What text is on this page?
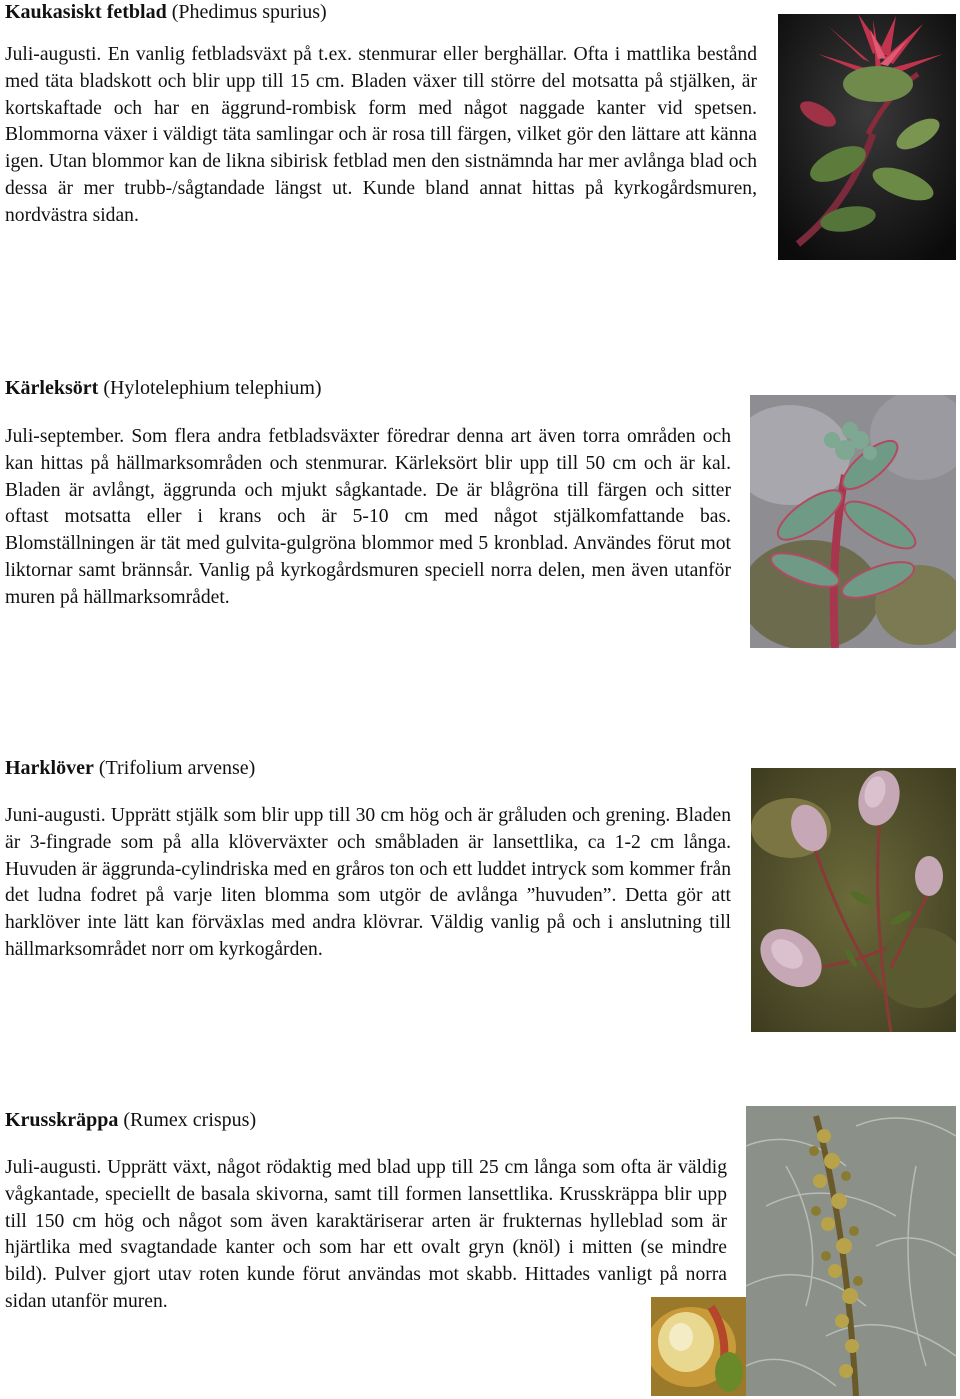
Kaukasiskt fetblad (Phedimus spurius)
Juli-augusti. En vanlig fetbladsväxt på t.ex. stenmurar eller berghällar. Ofta i mattlika bestånd med täta bladskott och blir upp till 15 cm. Bladen växer till större del motsatta på stjälken, är kortskaftade och har en äggrund-rombisk form med något naggade kanter vid spetsen. Blommorna växer i väldigt täta samlingar och är rosa till färgen, vilket gör den lättare att känna igen. Utan blommor kan de likna sibirisk fetblad men den sistnämnda har mer avlånga blad och dessa är mer trubb-/sågtandade längst ut. Kunde bland annat hittas på kyrkogårdsmuren, nordvästra sidan.
Kärleksört (Hylotelephium telephium)
Juli-september. Som flera andra fetbladsväxter föredrar denna art även torra områden och kan hittas på hällmarksområden och stenmurar. Kärleksört blir upp till 50 cm och är kal. Bladen är avlångt, äggrunda och mjukt sågkantade. De är blågröna till färgen och sitter oftast motsatta eller i krans och är 5-10 cm med något stjälkomfattande bas. Blomställningen är tät med gulvita-gulgröna blommor med 5 kronblad. Användes förut mot liktornar samt brännsår. Vanlig på kyrkogårdsmuren speciell norra delen, men även utanför muren på hällmarksområdet.
Harklöver (Trifolium arvense)
Juni-augusti. Upprätt stjälk som blir upp till 30 cm hög och är gråluden och grening. Bladen är 3-fingrade som på alla klöverväxter och småbladen är lansettlika, ca 1-2 cm långa. Huvuden är äggrunda-cylindriska med en gråros ton och ett luddet intryck som kommer från det ludna fodret på varje liten blomma som utgör de avlånga ”huvuden”. Detta gör att harklöver inte lätt kan förväxlas med andra klövrar. Väldig vanlig på och i anslutning till hällmarksområdet norr om kyrkogården.
Krusskräppa (Rumex crispus)
Juli-augusti. Upprätt växt, något rödaktig med blad upp till 25 cm långa som ofta är väldig vågkantade, speciellt de basala skivorna, samt till formen lansettlika. Krusskräppa blir upp till 150 cm hög och något som även karaktäriserar arten är frukternas hylleblad som är hjärtlika med svagtandade kanter och som har ett ovalt gryn (knöl) i mitten (se mindre bild). Pulver gjort utav roten kunde förut användas mot skabb. Hittades vanligt på norra sidan utanför muren.
